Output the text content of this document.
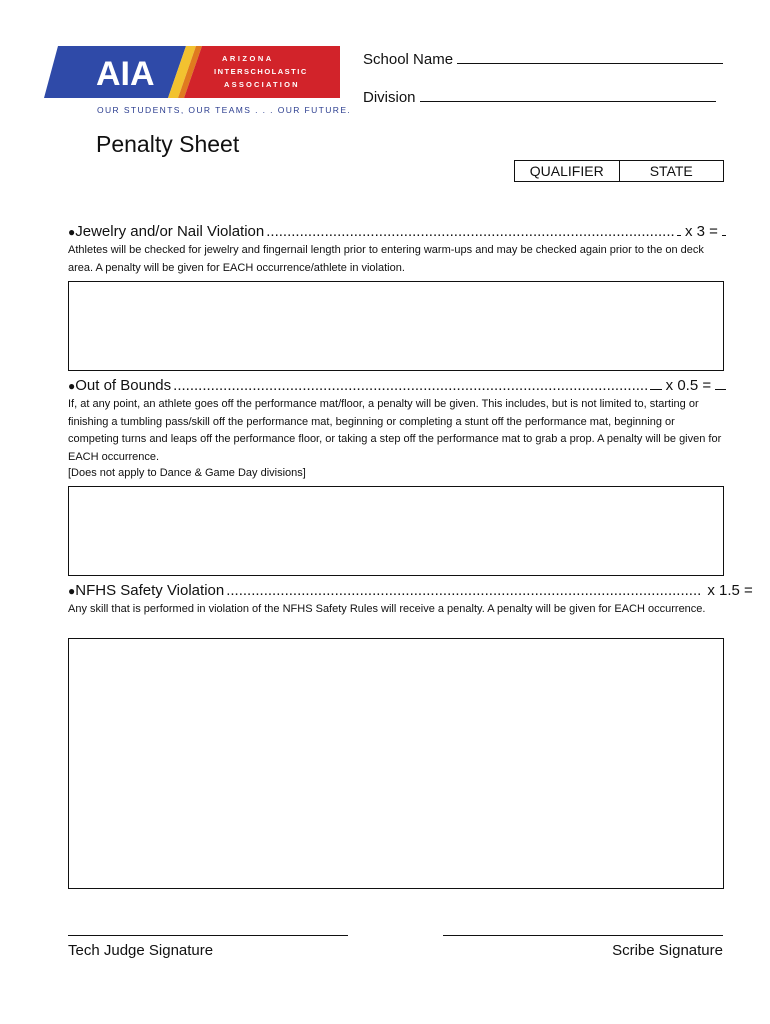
AIA	ARIZONA
INTERSCHOLASTIC
ASSOCIATION
OUR STUDENTS, OUR TEAMS . . . OUR FUTURE.
School Name
Division
Penalty Sheet
QUALIFIER	STATE
● Jewelry and/or Nail Violation .................................................................................................. x 3 =
Athletes will be checked for jewelry and fingernail length prior to entering warm-ups and may be checked again prior to the on deck area. A penalty will be given for EACH occurrence/athlete in violation.
● Out of Bounds .................................................................................................................. x 0.5 =
If, at any point, an athlete goes off the performance mat/floor, a penalty will be given. This includes, but is not limited to, starting or finishing a tumbling pass/skill off the performance mat, beginning or completing a stunt off the performance mat, beginning or competing turns and leaps off the performance floor, or taking a step off the performance mat to grab a prop. A penalty will be given for EACH occurrence.
[Does not apply to Dance & Game Day divisions]
● NFHS Safety Violation .................................................................................................................. x 1.5 =
Any skill that is performed in violation of the NFHS Safety Rules will receive a penalty. A penalty will be given for EACH occurrence.
Tech Judge Signature	Scribe Signature
